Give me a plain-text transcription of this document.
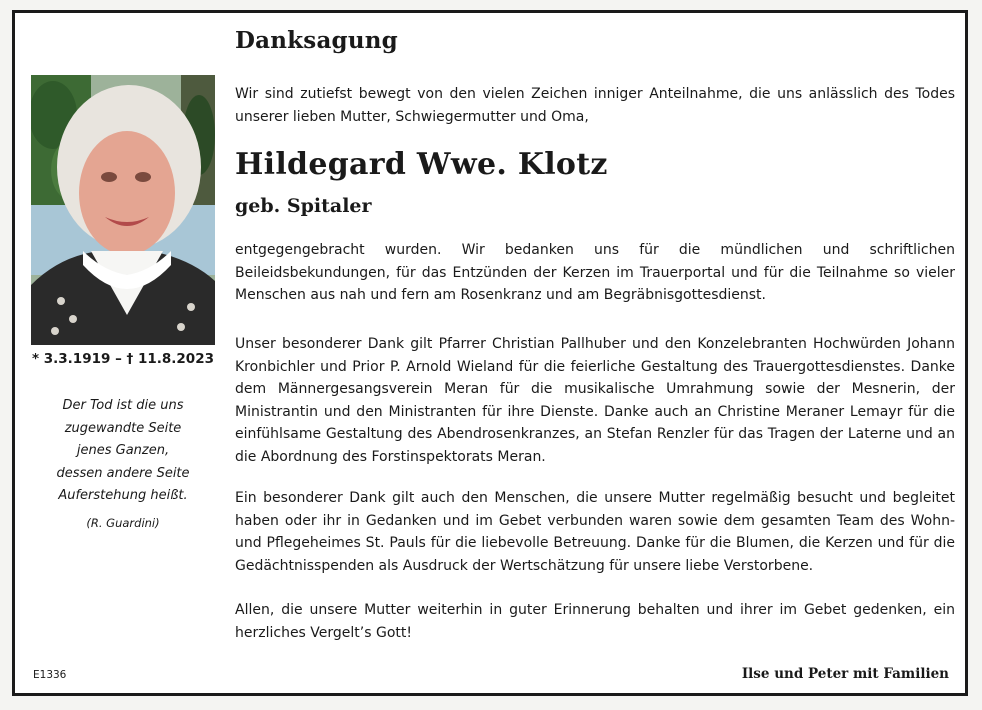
Danksagung
* 3.3.1919 – † 11.8.2023
Der Tod ist die uns
zugewandte Seite
jenes Ganzen,
dessen andere Seite
Auferstehung heißt.
(R. Guardini)

Wir sind zutiefst bewegt von den vielen Zeichen inniger Anteilnahme, die uns anlässlich des Todes unserer lieben Mutter, Schwiegermutter und Oma,

Hildegard Wwe. Klotz
geb. Spitaler

entgegengebracht wurden. Wir bedanken uns für die mündlichen und schriftlichen Beileidsbekundungen, für das Entzünden der Kerzen im Trauerportal und für die Teilnahme so vieler Menschen aus nah und fern am Rosenkranz und am Begräbnisgottesdienst.

Unser besonderer Dank gilt Pfarrer Christian Pallhuber und den Konzelebranten Hochwürden Johann Kronbichler und Prior P. Arnold Wieland für die feierliche Gestaltung des Trauergottesdienstes. Danke dem Männergesangsverein Meran für die musikalische Umrahmung sowie der Mesnerin, der Ministrantin und den Ministranten für ihre Dienste. Danke auch an Christine Meraner Lemayr für die einfühlsame Gestaltung des Abendrosenkranzes, an Stefan Renzler für das Tragen der Laterne und an die Abordnung des Forstinspektorats Meran.

Ein besonderer Dank gilt auch den Menschen, die unsere Mutter regelmäßig besucht und begleitet haben oder ihr in Gedanken und im Gebet verbunden waren sowie dem gesamten Team des Wohn- und Pflegeheimes St. Pauls für die liebevolle Betreuung. Danke für die Blumen, die Kerzen und für die Gedächtnisspenden als Ausdruck der Wertschätzung für unsere liebe Verstorbene.

Allen, die unsere Mutter weiterhin in guter Erinnerung behalten und ihrer im Gebet gedenken, ein herzliches Vergelt’s Gott!

E1336	Ilse und Peter mit Familien
